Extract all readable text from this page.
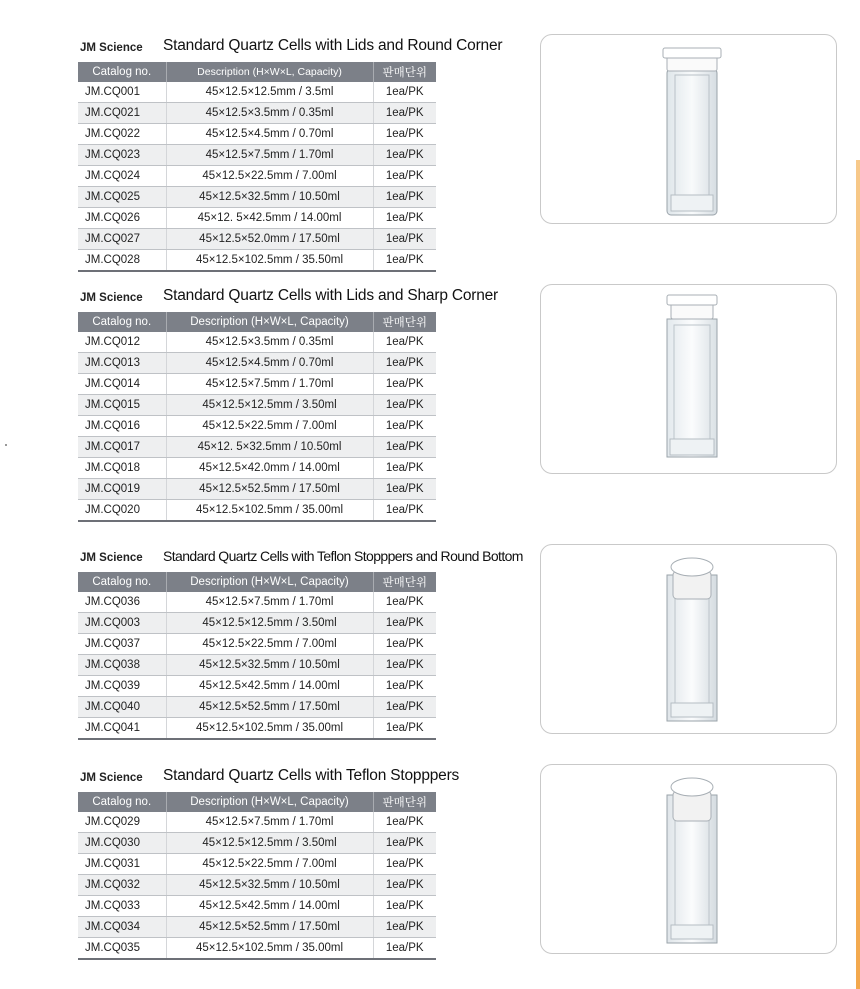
JM Science Standard Quartz Cells with Lids and Round Corner
Catalog no.	Description (H×W×L, Capacity)	판매단위
JM.CQ001	45×12.5×12.5mm / 3.5ml	1ea/PK
JM.CQ021	45×12.5×3.5mm / 0.35ml	1ea/PK
JM.CQ022	45×12.5×4.5mm / 0.70ml	1ea/PK
JM.CQ023	45×12.5×7.5mm / 1.70ml	1ea/PK
JM.CQ024	45×12.5×22.5mm / 7.00ml	1ea/PK
JM.CQ025	45×12.5×32.5mm / 10.50ml	1ea/PK
JM.CQ026	45×12. 5×42.5mm / 14.00ml	1ea/PK
JM.CQ027	45×12.5×52.0mm / 17.50ml	1ea/PK
JM.CQ028	45×12.5×102.5mm / 35.50ml	1ea/PK
JM Science Standard Quartz Cells with Lids and Sharp Corner
Catalog no.	Description (H×W×L, Capacity)	판매단위
JM.CQ012	45×12.5×3.5mm / 0.35ml	1ea/PK
JM.CQ013	45×12.5×4.5mm / 0.70ml	1ea/PK
JM.CQ014	45×12.5×7.5mm / 1.70ml	1ea/PK
JM.CQ015	45×12.5×12.5mm / 3.50ml	1ea/PK
JM.CQ016	45×12.5×22.5mm / 7.00ml	1ea/PK
JM.CQ017	45×12. 5×32.5mm / 10.50ml	1ea/PK
JM.CQ018	45×12.5×42.0mm / 14.00ml	1ea/PK
JM.CQ019	45×12.5×52.5mm / 17.50ml	1ea/PK
JM.CQ020	45×12.5×102.5mm / 35.00ml	1ea/PK
JM Science Standard Quartz Cells with Teflon Stopppers and Round Bottom
Catalog no.	Description (H×W×L, Capacity)	판매단위
JM.CQ036	45×12.5×7.5mm / 1.70ml	1ea/PK
JM.CQ003	45×12.5×12.5mm / 3.50ml	1ea/PK
JM.CQ037	45×12.5×22.5mm / 7.00ml	1ea/PK
JM.CQ038	45×12.5×32.5mm / 10.50ml	1ea/PK
JM.CQ039	45×12.5×42.5mm / 14.00ml	1ea/PK
JM.CQ040	45×12.5×52.5mm / 17.50ml	1ea/PK
JM.CQ041	45×12.5×102.5mm / 35.00ml	1ea/PK
JM Science Standard Quartz Cells with Teflon Stopppers
Catalog no.	Description (H×W×L, Capacity)	판매단위
JM.CQ029	45×12.5×7.5mm / 1.70ml	1ea/PK
JM.CQ030	45×12.5×12.5mm / 3.50ml	1ea/PK
JM.CQ031	45×12.5×22.5mm / 7.00ml	1ea/PK
JM.CQ032	45×12.5×32.5mm / 10.50ml	1ea/PK
JM.CQ033	45×12.5×42.5mm / 14.00ml	1ea/PK
JM.CQ034	45×12.5×52.5mm / 17.50ml	1ea/PK
JM.CQ035	45×12.5×102.5mm / 35.00ml	1ea/PK
